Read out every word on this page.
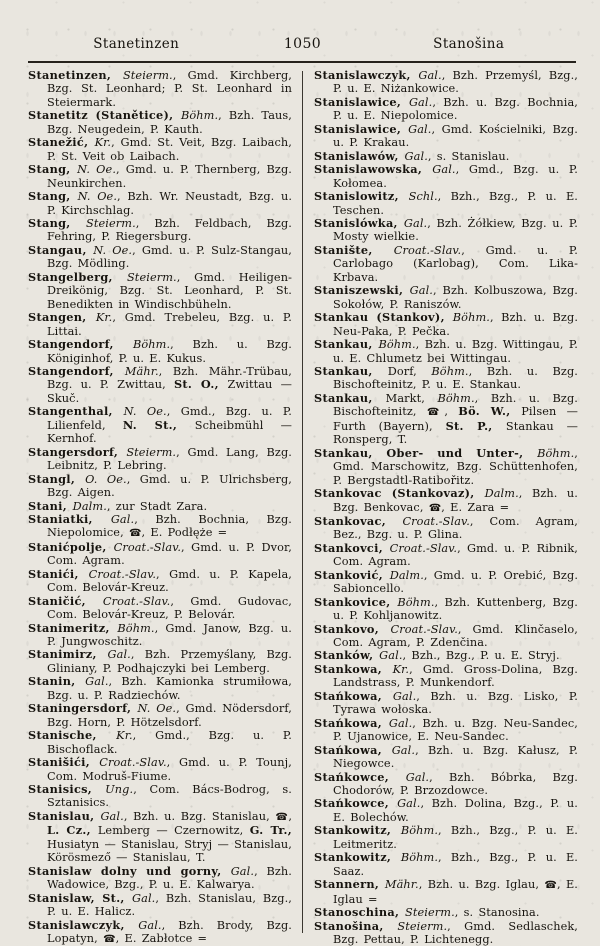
Stanetinzen	1050	Stanošina

Stanetinzen, Steierm., Gmd. Kirchberg, Bzg. St. Leonhard; P. St. Leonhard in Steiermark.

Stanetitz (Stanětice), Böhm., Bzh. Taus, Bzg. Neugedein, P. Kauth.

Stanežić, Kr., Gmd. St. Veit, Bzg. Laibach, P. St. Veit ob Laibach.

Stang, N. Oe., Gmd. u. P. Thernberg, Bzg. Neunkirchen.

Stang, N. Oe., Bzh. Wr. Neustadt, Bzg. u. P. Kirchschlag.

Stang, Steierm., Bzh. Feldbach, Bzg. Fehring, P. Riegersburg.

Stangau, N. Oe., Gmd. u. P. Sulz-Stangau, Bzg. Mödling.

Stangelberg, Steierm., Gmd. Heiligen-Dreikönig, Bzg. St. Leonhard, P. St. Benedikten in Windischbüheln.

Stangen, Kr., Gmd. Trebeleu, Bzg. u. P. Littai.

Stangendorf, Böhm., Bzh. u. Bzg. Königinhof, P. u. E. Kukus.

Stangendorf, Mähr., Bzh. Mähr.-Trübau, Bzg. u. P. Zwittau, St. O., Zwittau — Skuč.

Stangenthal, N. Oe., Gmd., Bzg. u. P. Lilienfeld, N. St., Scheibmühl — Kernhof.

Stangersdorf, Steierm., Gmd. Lang, Bzg. Leibnitz, P. Lebring.

Stangl, O. Oe., Gmd. u. P. Ulrichsberg, Bzg. Aigen.

Stani, Dalm., zur Stadt Zara.

Staniatki, Gal., Bzh. Bochnia, Bzg. Niepolomice, ☎, E. Podłęże =

Stanićpolje, Croat.-Slav., Gmd. u. P. Dvor, Com. Agram.

Stanići, Croat.-Slav., Gmd. u. P. Kapela, Com. Belovár-Kreuz.

Staničić, Croat.-Slav., Gmd. Gudovac, Com. Belovár-Kreuz, P. Belovár.

Stanimeritz, Böhm., Gmd. Janow, Bzg. u. P. Jungwoschitz.

Stanimirz, Gal., Bzh. Przemyślany, Bzg. Gliniany, P. Podhajczyki bei Lemberg.

Stanin, Gal., Bzh. Kamionka strumiłowa, Bzg. u. P. Radziechów.

Staningersdorf, N. Oe., Gmd. Nödersdorf, Bzg. Horn, P. Hötzelsdorf.

Stanische, Kr., Gmd., Bzg. u. P. Bischoflack.

Stanišići, Croat.-Slav., Gmd. u. P. Tounj, Com. Modruš-Fiume.

Stanisics, Ung., Com. Bács-Bodrog, s. Sztanisics.

Stanislau, Gal., Bzh. u. Bzg. Stanislau, ☎, L. Cz., Lemberg — Czernowitz, G. Tr., Husiatyn — Stanislau, Stryj — Stanislau, Körösmező — Stanislau, T.

Stanislaw dolny und gorny, Gal., Bzh. Wadowice, Bzg., P. u. E. Kalwarya.

Stanislaw, St., Gal., Bzh. Stanislau, Bzg., P. u. E. Halicz.

Stanislawczyk, Gal., Bzh. Brody, Bzg. Lopatyn, ☎, E. Zabłotce =

Stanislawczyk, Gal., Bzh. Przemyśl, Bzg., P. u. E. Niżankowice.

Stanislawice, Gal., Bzh. u. Bzg. Bochnia, P. u. E. Niepolomice.

Stanislawice, Gal., Gmd. Kościelniki, Bzg. u. P. Krakau.

Stanislawów, Gal., s. Stanislau.

Stanislawowska, Gal., Gmd., Bzg. u. P. Kołomea.

Stanislowitz, Schl., Bzh., Bzg., P. u. E. Teschen.

Stanislówka, Gal., Bzh. Żółkiew, Bzg. u. P. Mosty wielkie.

Stanište, Croat.-Slav., Gmd. u. P. Carlobago (Karlobag), Com. Lika-Krbava.

Staniszewski, Gal., Bzh. Kolbuszowa, Bzg. Sokołów, P. Raniszów.

Stankau (Stankov), Böhm., Bzh. u. Bzg. Neu-Paka, P. Pečka.

Stankau, Böhm., Bzh. u. Bzg. Wittingau, P. u. E. Chlumetz bei Wittingau.

Stankau, Dorf, Böhm., Bzh. u. Bzg. Bischofteinitz, P. u. E. Stankau.

Stankau, Markt, Böhm., Bzh. u. Bzg. Bischofteinitz, ☎, Bö. W., Pilsen — Furth (Bayern), St. P., Stankau — Ronsperg, T.

Stankau, Ober- und Unter-, Böhm., Gmd. Marschowitz, Bzg. Schüttenhofen, P. Bergstadtl-Ratibořitz.

Stankovac (Stankovaz), Dalm., Bzh. u. Bzg. Benkovac, ☎, E. Zara =

Stankovac, Croat.-Slav., Com. Agram, Bez., Bzg. u. P. Glina.

Stankovci, Croat.-Slav., Gmd. u. P. Ribnik, Com. Agram.

Stanković, Dalm., Gmd. u. P. Orebić, Bzg. Sabioncello.

Stankovice, Böhm., Bzh. Kuttenberg, Bzg. u. P. Kohljanowitz.

Stankovo, Croat.-Slav., Gmd. Klinčaselo, Com. Agram, P. Zdenčina.

Stanków, Gal., Bzh., Bzg., P. u. E. Stryj.

Stankowa, Kr., Gmd. Gross-Dolina, Bzg. Landstrass, P. Munkendorf.

Stańkowa, Gal., Bzh. u. Bzg. Lisko, P. Tyrawa wołoska.

Stańkowa, Gal., Bzh. u. Bzg. Neu-Sandec, P. Ujanowice, E. Neu-Sandec.

Stańkowa, Gal., Bzh. u. Bzg. Kałusz, P. Niegowce.

Stańkowce, Gal., Bzh. Bóbrka, Bzg. Chodorów, P. Brzozdowce.

Stańkowce, Gal., Bzh. Dolina, Bzg., P. u. E. Bolechów.

Stankowitz, Böhm., Bzh., Bzg., P. u. E. Leitmeritz.

Stankowitz, Böhm., Bzh., Bzg., P. u. E. Saaz.

Stannern, Mähr., Bzh. u. Bzg. Iglau, ☎, E. Iglau =

Stanoschina, Steierm., s. Stanosina.

Stanošina, Steierm., Gmd. Sedlaschek, Bzg. Pettau, P. Lichtenegg.
